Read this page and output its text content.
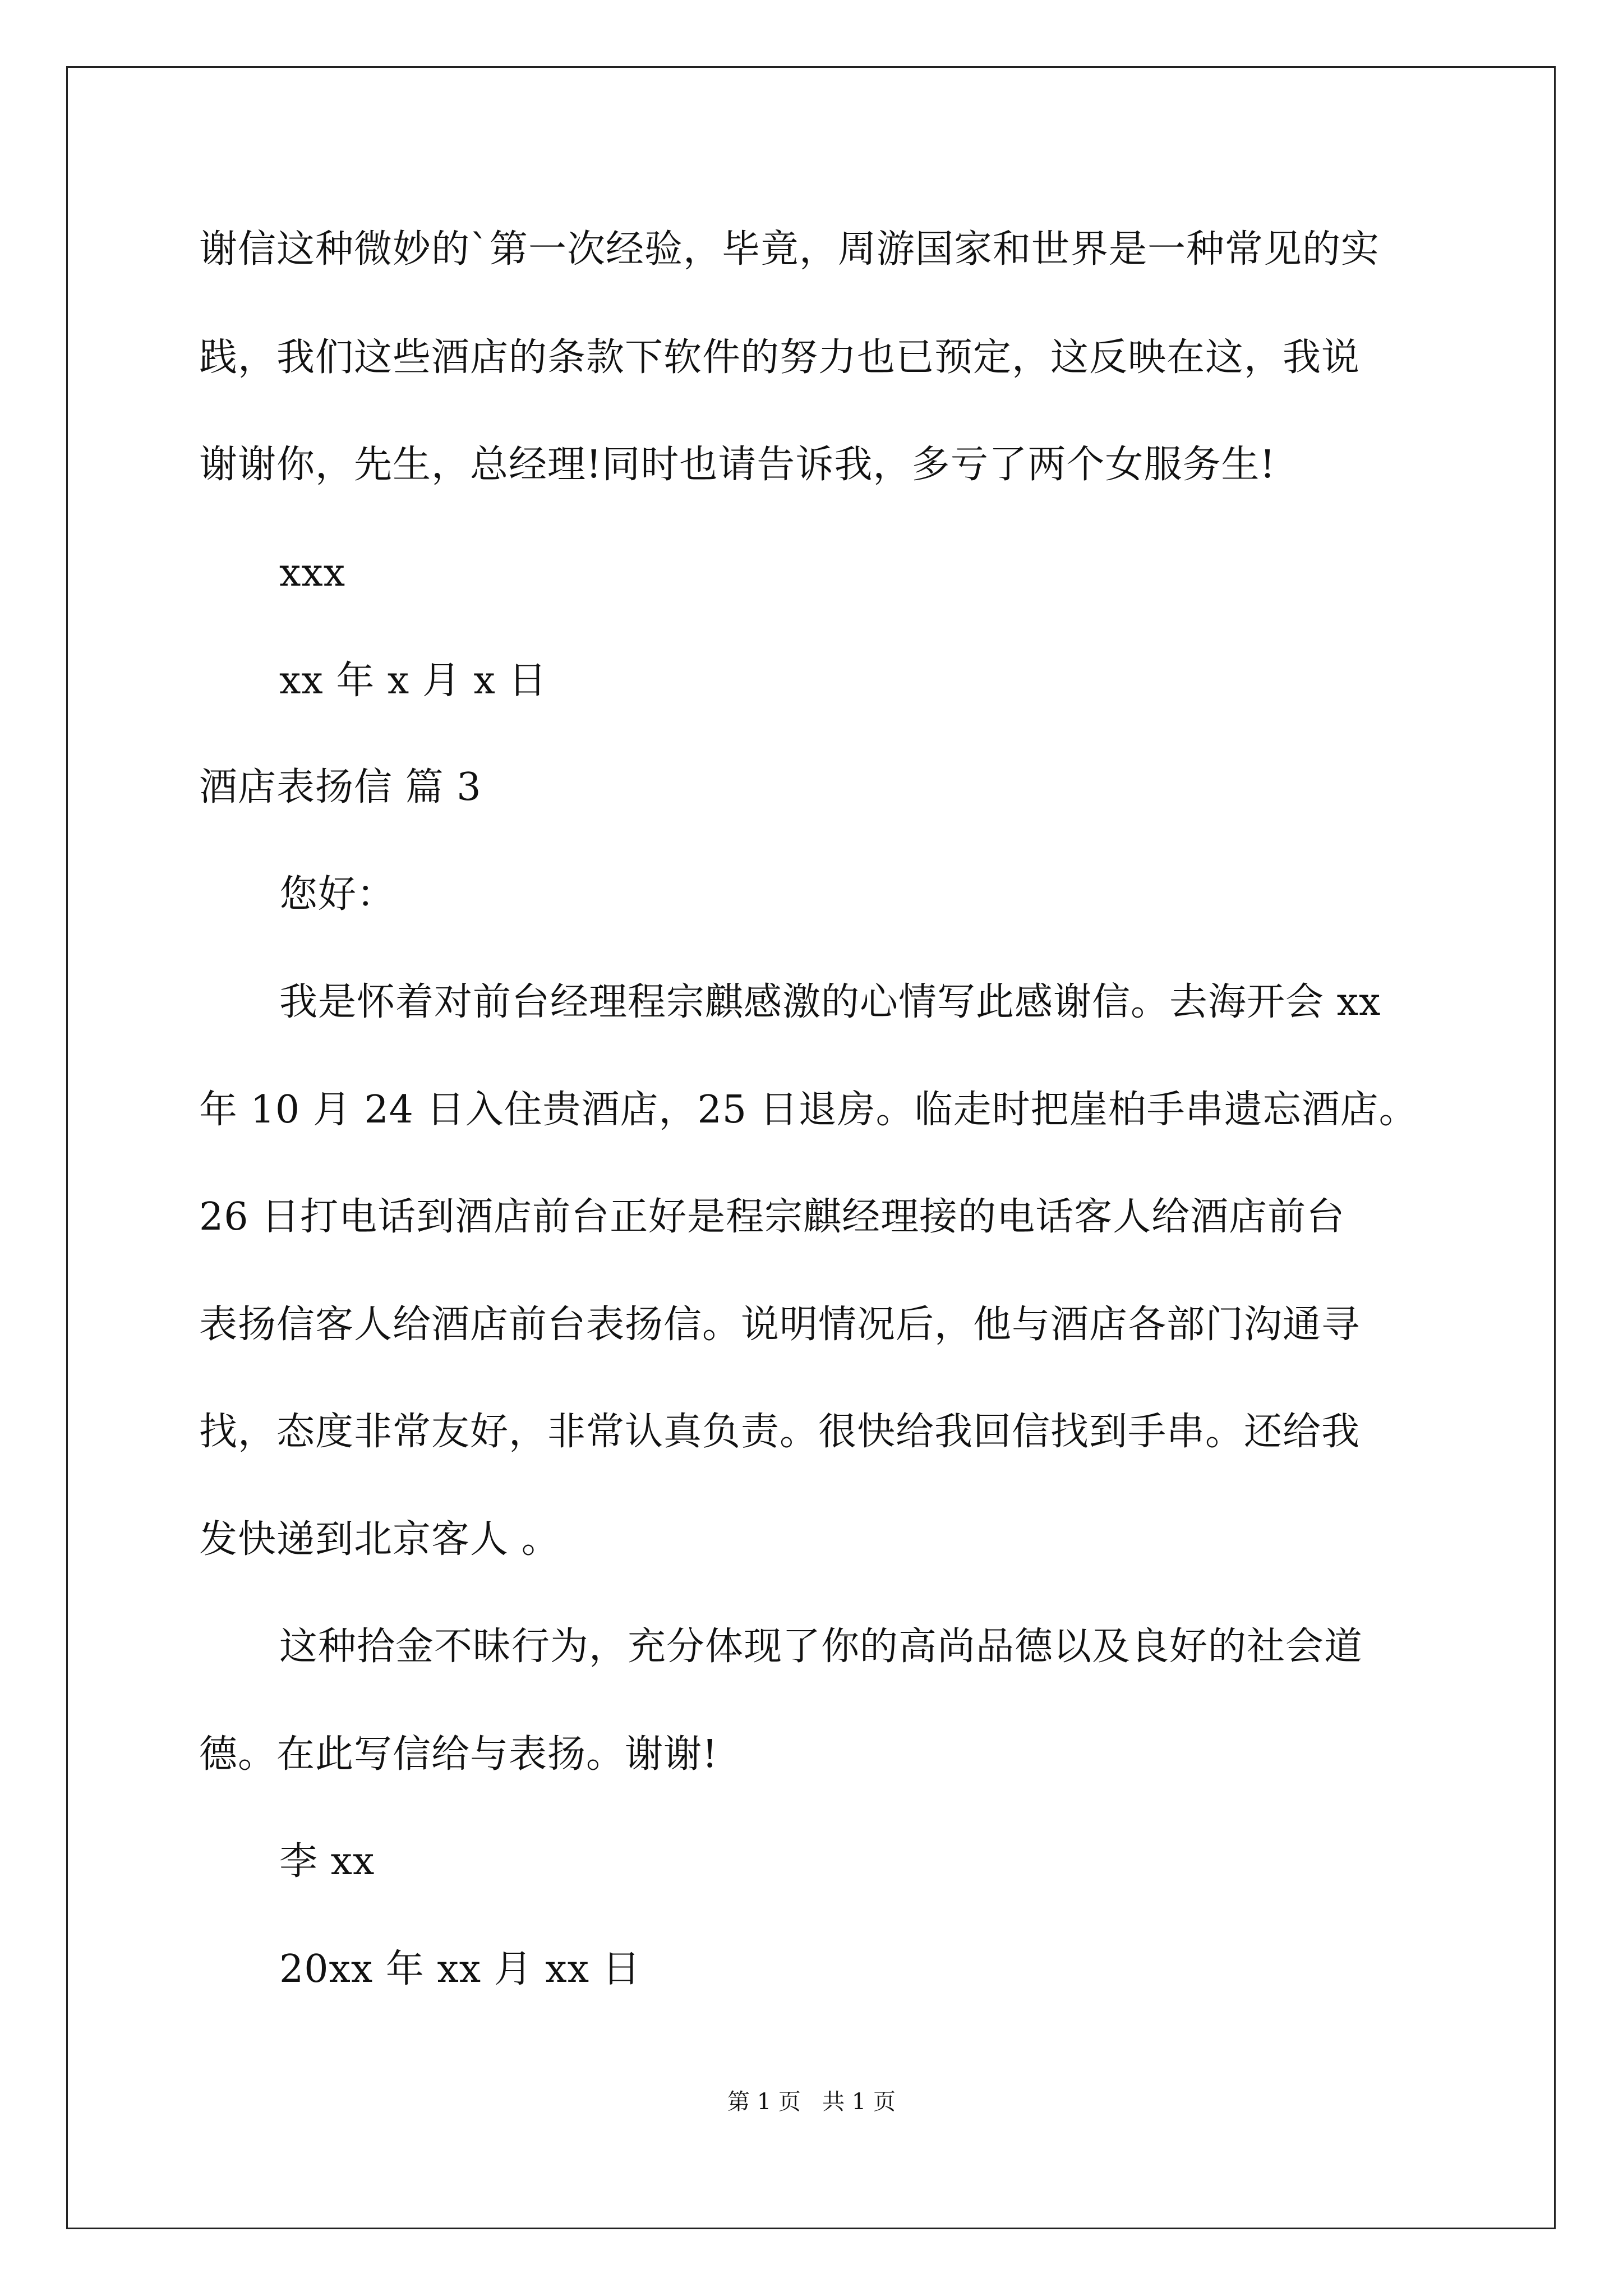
谢信这种微妙的`第一次经验，毕竟，周游国家和世界是一种常见的实
践，我们这些酒店的条款下软件的努力也已预定，这反映在这，我说
谢谢你，先生，总经理!同时也请告诉我，多亏了两个女服务生!
xxx
xx 年 x 月 x 日
酒店表扬信 篇 3
您好：
我是怀着对前台经理程宗麒感激的心情写此感谢信。去海开会 xx
年 10 月 24 日入住贵酒店，25 日退房。临走时把崖柏手串遗忘酒店。
26 日打电话到酒店前台正好是程宗麒经理接的电话客人给酒店前台
表扬信客人给酒店前台表扬信。说明情况后，他与酒店各部门沟通寻
找，态度非常友好，非常认真负责。很快给我回信找到手串。还给我
发快递到北京客人 。
这种拾金不昧行为，充分体现了你的高尚品德以及良好的社会道
德。在此写信给与表扬。谢谢!
李 xx
20xx 年 xx 月 xx 日
第 1 页   共 1 页
